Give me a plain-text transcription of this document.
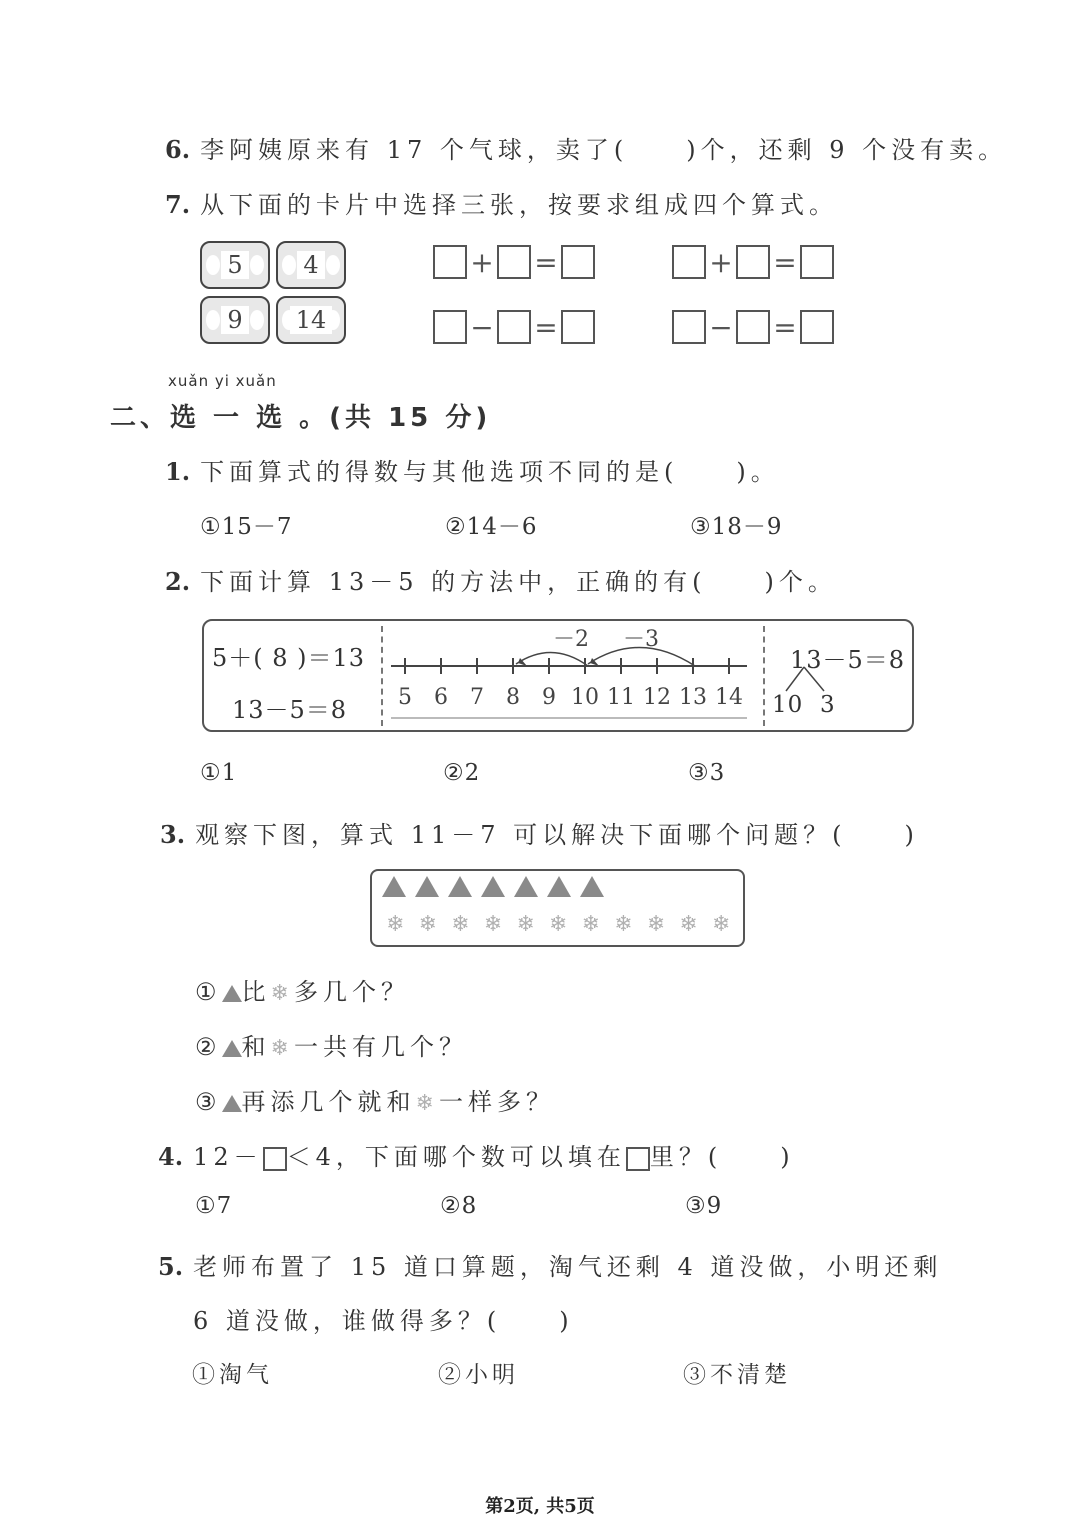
6. 李阿姨原来有 17 个气球，卖了(　　)个，还剩 9 个没有卖。
7. 从下面的卡片中选择三张，按要求组成四个算式。
5	4
9	14
+ =	+ =
− =	− =
xuǎn yi xuǎn
二、选 一 选 。(共 15 分)
1. 下面算式的得数与其他选项不同的是(　　)。
①15－7	②14－6	③18－9
2. 下面计算 13－5 的方法中，正确的有(　　)个。
5＋( 8 )＝13
13－5＝8 5 6 7 8 9 10 11 12 13 14
－2 －3
13－5＝8
10 3
①1	②2	③3
3. 观察下图，算式 11－7 可以解决下面哪个问题？(　　)
❄ ❄ ❄ ❄ ❄ ❄ ❄ ❄ ❄ ❄ ❄
① 比❄多几个？
② 和❄一共有几个？
③ 再添几个就和❄一样多？
4. 12－ ＜4，下面哪个数可以填在 里？(　　)
①7	②8	③9
5. 老师布置了 15 道口算题，淘气还剩 4 道没做，小明还剩
6 道没做，谁做得多？(　　)
①淘气	②小明	③不清楚
第2页, 共5页
